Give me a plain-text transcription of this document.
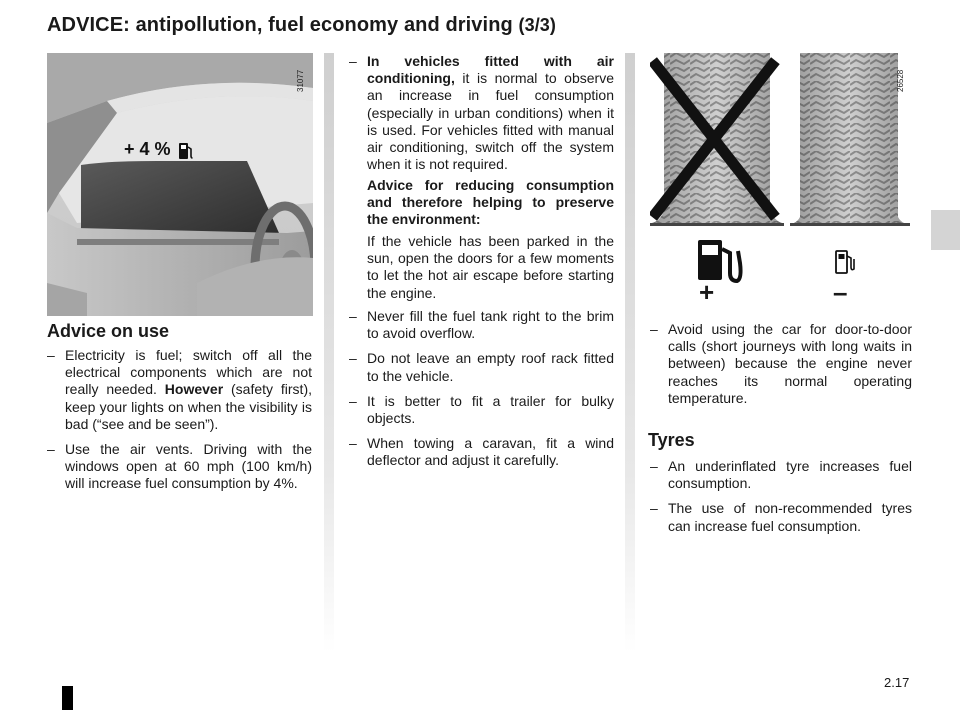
ADVICE: antipollution, fuel economy and driving (3/3)
31077
+ 4 %
Advice on use
– Electricity is fuel; switch off all the electrical components which are not really needed. However (safety first), keep your lights on when the visibility is bad (“see and be seen”).
– Use the air vents. Driving with the windows open at 60 mph (100 km/h) will increase fuel consumption by 4%.
– In vehicles fitted with air conditioning, it is normal to observe an increase in fuel consumption (especially in urban conditions) when it is used. For vehicles fitted with manual air conditioning, switch off the system when it is not required.

Advice for reducing consumption and therefore helping to preserve the environment:

If the vehicle has been parked in the sun, open the doors for a few moments to let the hot air escape before starting the engine.

– Never fill the fuel tank right to the brim to avoid overflow.
– Do not leave an empty roof rack fitted to the vehicle.
– It is better to fit a trailer for bulky objects.
– When towing a caravan, fit a wind deflector and adjust it carefully.
26528
+	–
– Avoid using the car for door-to-door calls (short journeys with long waits in between) because the engine never reaches its normal operating temperature.
Tyres
– An underinflated tyre increases fuel consumption.
– The use of non-recommended tyres can increase fuel consumption.
2.17
